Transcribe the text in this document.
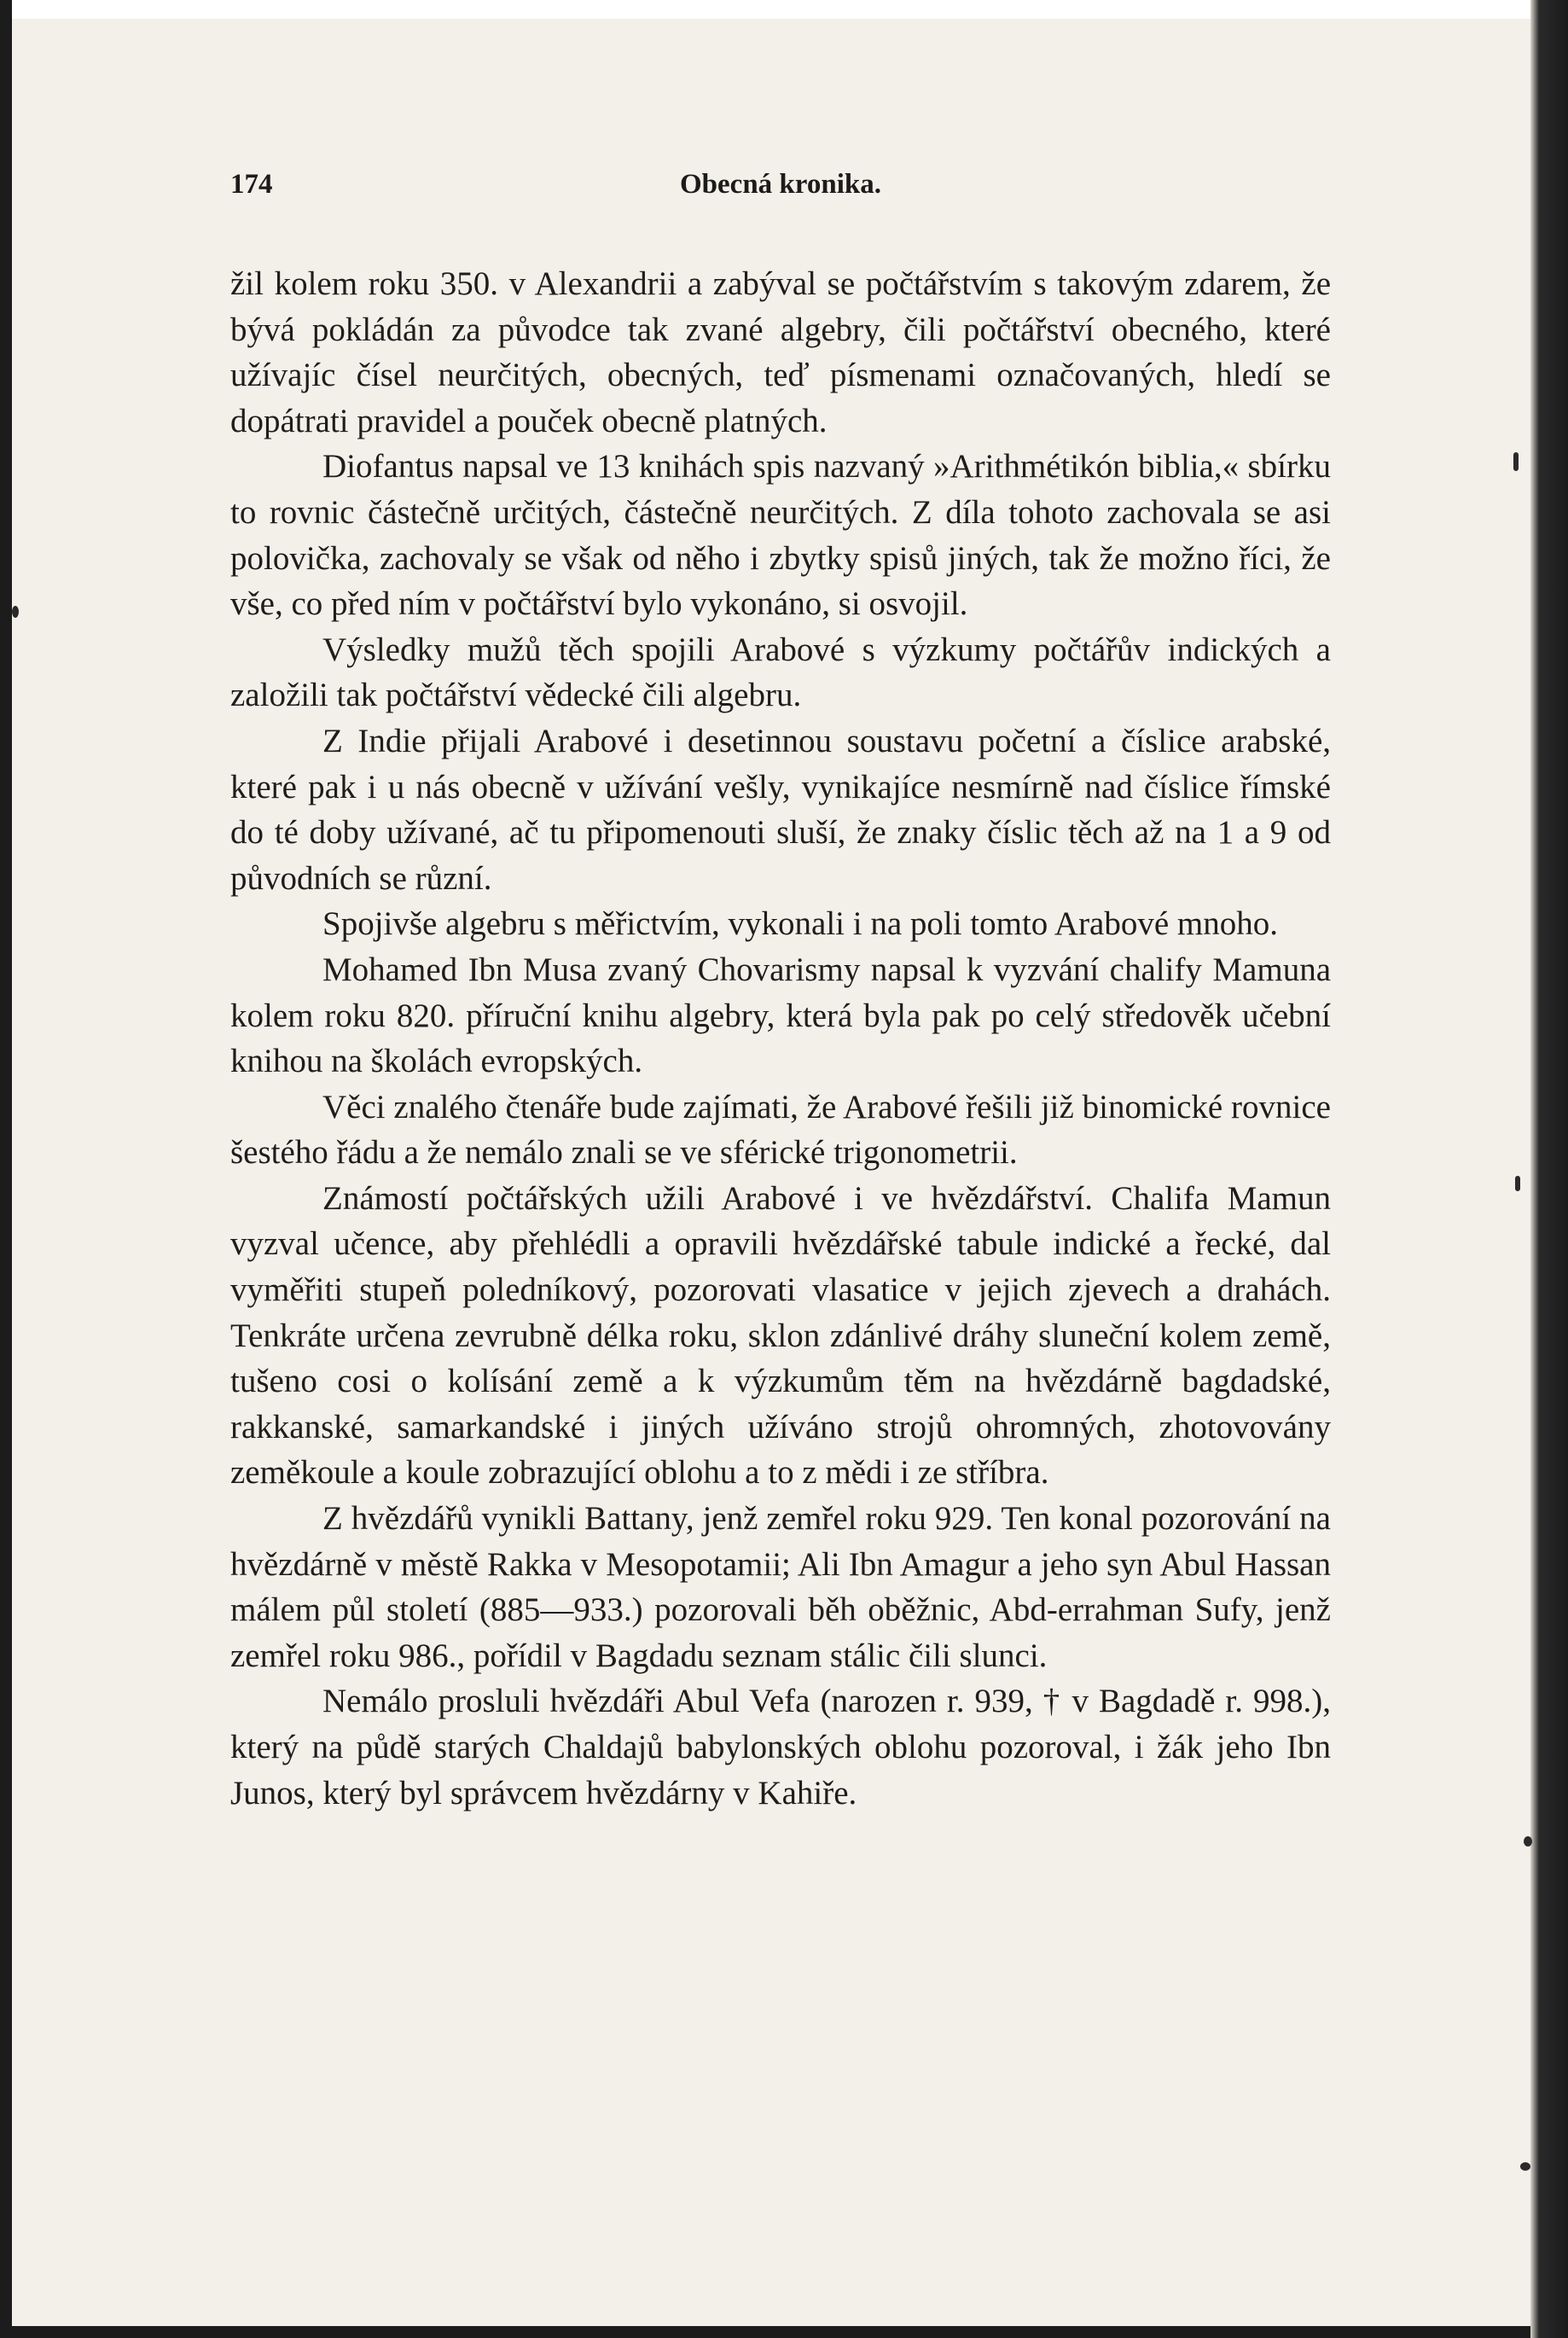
174	Obecná kronika.

žil kolem roku 350. v Alexandrii a zabýval se počtářstvím s takovým zdarem, že bývá pokládán za původce tak zvané algebry, čili počtářství obecného, které užívajíc čísel neurčitých, obecných, teď písmenami označovaných, hledí se dopátrati pravidel a pouček obecně platných.

Diofantus napsal ve 13 knihách spis nazvaný »Arithmétikón biblia,« sbírku to rovnic částečně určitých, částečně neurčitých. Z díla tohoto zachovala se asi polovička, zachovaly se však od něho i zbytky spisů jiných, tak že možno říci, že vše, co před ním v počtářství bylo vykonáno, si osvojil.

Výsledky mužů těch spojili Arabové s výzkumy počtářův indických a založili tak počtářství vědecké čili algebru.

Z Indie přijali Arabové i desetinnou soustavu početní a číslice arabské, které pak i u nás obecně v užívání vešly, vynikajíce nesmírně nad číslice římské do té doby užívané, ač tu připomenouti sluší, že znaky číslic těch až na 1 a 9 od původních se různí.

Spojivše algebru s měřictvím, vykonali i na poli tomto Arabové mnoho.

Mohamed Ibn Musa zvaný Chovarismy napsal k vyzvání chalify Mamuna kolem roku 820. příruční knihu algebry, která byla pak po celý středověk učební knihou na školách evropských.

Věci znalého čtenáře bude zajímati, že Arabové řešili již binomické rovnice šestého řádu a že nemálo znali se ve sférické trigonometrii.

Známostí počtářských užili Arabové i ve hvězdářství. Chalifa Mamun vyzval učence, aby přehlédli a opravili hvězdářské tabule indické a řecké, dal vyměřiti stupeň poledníkový, pozorovati vlasatice v jejich zjevech a drahách. Tenkráte určena zevrubně délka roku, sklon zdánlivé dráhy sluneční kolem země, tušeno cosi o kolísání země a k výzkumům těm na hvězdárně bagdadské, rakkanské, samarkandské i jiných užíváno strojů ohromných, zhotovovány zeměkoule a koule zobrazující oblohu a to z mědi i ze stříbra.

Z hvězdářů vynikli Battany, jenž zemřel roku 929. Ten konal pozorování na hvězdárně v městě Rakka v Mesopotamii; Ali Ibn Amagur a jeho syn Abul Hassan málem půl století (885—933.) pozorovali běh oběžnic, Abd-errahman Sufy, jenž zemřel roku 986., pořídil v Bagdadu seznam stálic čili slunci.

Nemálo prosluli hvězdáři Abul Vefa (narozen r. 939, † v Bagdadě r. 998.), který na půdě starých Chaldajů babylonských oblohu pozoroval, i žák jeho Ibn Junos, který byl správcem hvězdárny v Kahiře.
